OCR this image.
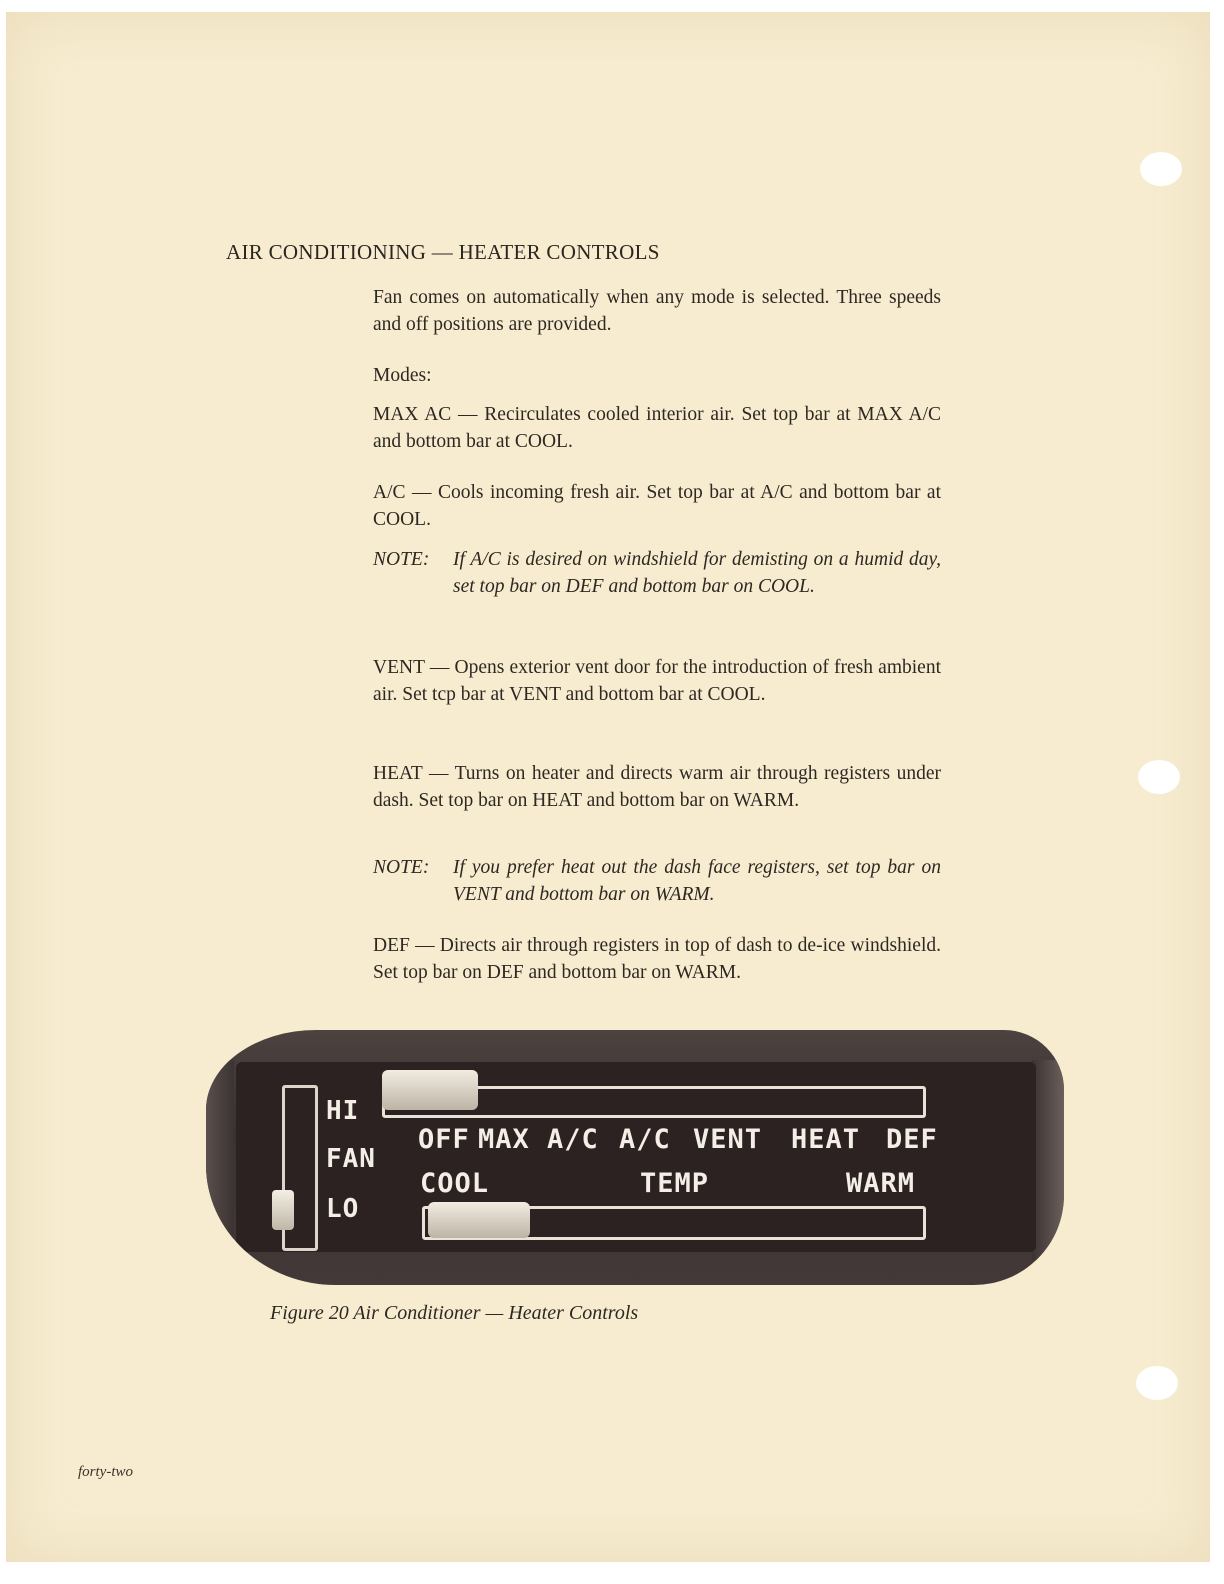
AIR CONDITIONING — HEATER CONTROLS

Fan comes on automatically when any mode is selected. Three speeds and off positions are provided.

Modes:

MAX AC — Recirculates cooled interior air. Set top bar at MAX A/C and bottom bar at COOL.

A/C — Cools incoming fresh air. Set top bar at A/C and bottom bar at COOL.

NOTE: If A/C is desired on windshield for demisting on a humid day, set top bar on DEF and bottom bar on COOL.

VENT — Opens exterior vent door for the introduction of fresh ambient air. Set tcp bar at VENT and bottom bar at COOL.

HEAT — Turns on heater and directs warm air through registers under dash. Set top bar on HEAT and bottom bar on WARM.

NOTE: If you prefer heat out the dash face registers, set top bar on VENT and bottom bar on WARM.

DEF — Directs air through registers in top of dash to de-ice windshield. Set top bar on DEF and bottom bar on WARM.

HI
FAN
LO
OFF MAX A/C A/C VENT HEAT DEF
COOL	TEMP	WARM
Figure 20 Air Conditioner — Heater Controls
forty-two
